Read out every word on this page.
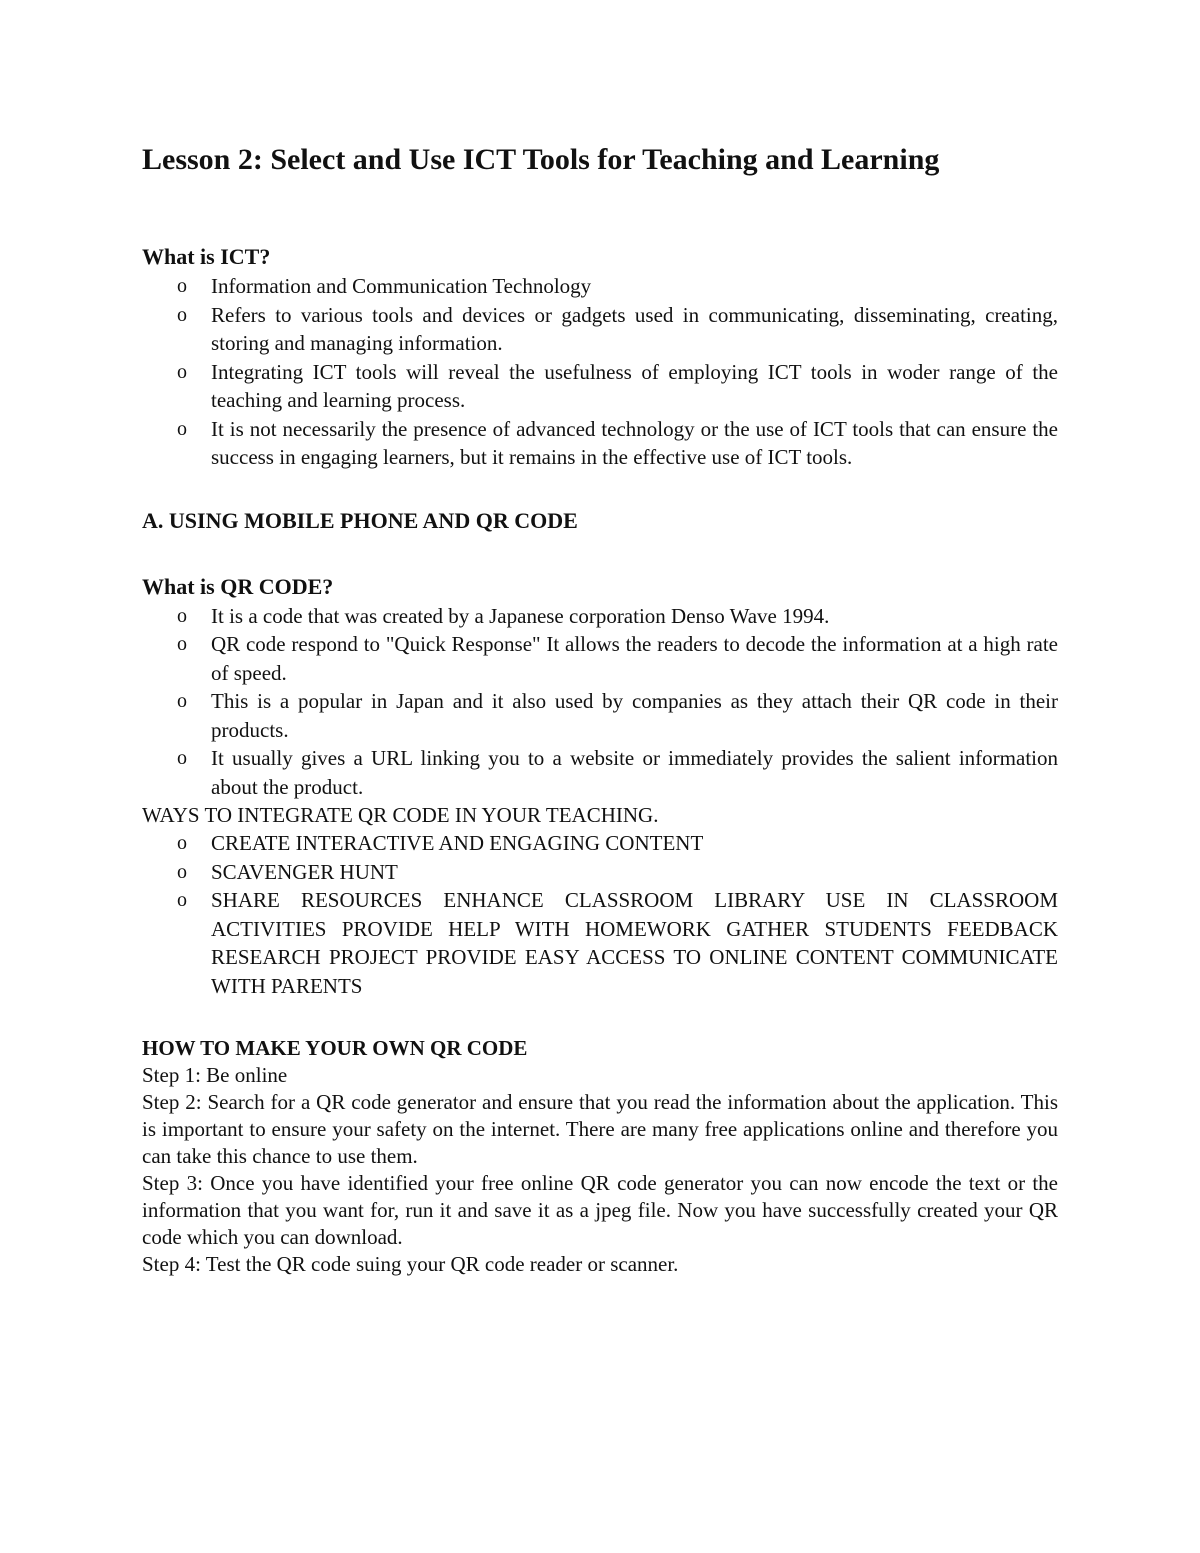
Lesson 2: Select and Use ICT Tools for Teaching and Learning
What is ICT?
o Information and Communication Technology
o Refers to various tools and devices or gadgets used in communicating, disseminating, creating, storing and managing information.
o Integrating ICT tools will reveal the usefulness of employing ICT tools in woder range of the teaching and learning process.
o It is not necessarily the presence of advanced technology or the use of ICT tools that can ensure the success in engaging learners, but it remains in the effective use of ICT tools.
A. USING MOBILE PHONE AND QR CODE
What is QR CODE?
o It is a code that was created by a Japanese corporation Denso Wave 1994.
o QR code respond to "Quick Response" It allows the readers to decode the information at a high rate of speed.
o This is a popular in Japan and it also used by companies as they attach their QR code in their products.
o It usually gives a URL linking you to a website or immediately provides the salient information about the product.

WAYS TO INTEGRATE QR CODE IN YOUR TEACHING.

o CREATE INTERACTIVE AND ENGAGING CONTENT
o SCAVENGER HUNT
o SHARE RESOURCES ENHANCE CLASSROOM LIBRARY USE IN CLASSROOM ACTIVITIES PROVIDE HELP WITH HOMEWORK GATHER STUDENTS FEEDBACK RESEARCH PROJECT PROVIDE EASY ACCESS TO ONLINE CONTENT COMMUNICATE WITH PARENTS

HOW TO MAKE YOUR OWN QR CODE

Step 1: Be online

Step 2: Search for a QR code generator and ensure that you read the information about the application. This is important to ensure your safety on the internet. There are many free applications online and therefore you can take this chance to use them.

Step 3: Once you have identified your free online QR code generator you can now encode the text or the information that you want for, run it and save it as a jpeg file. Now you have successfully created your QR code which you can download.

Step 4: Test the QR code suing your QR code reader or scanner.
